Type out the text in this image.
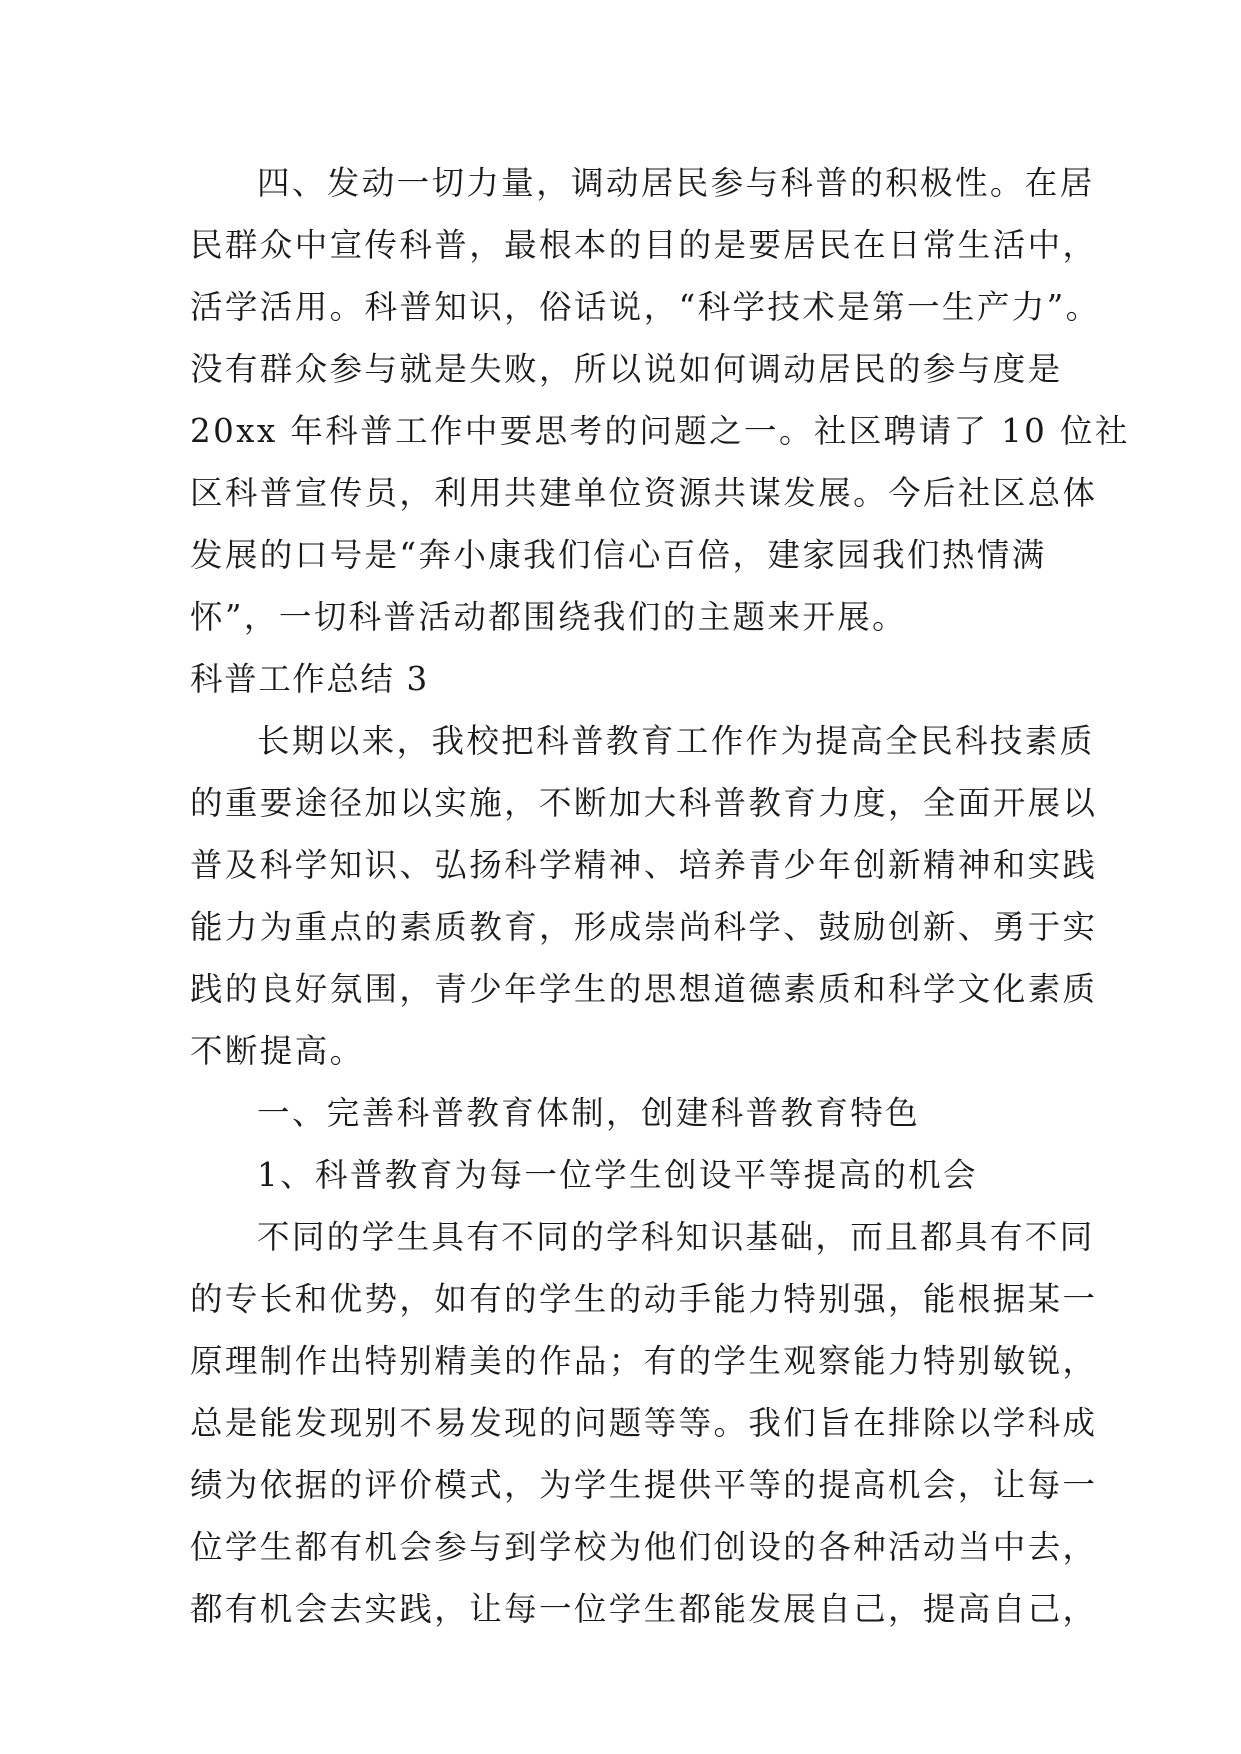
四、发动一切力量，调动居民参与科普的积极性。在居
民群众中宣传科普，最根本的目的是要居民在日常生活中，
活学活用。科普知识，俗话说，“科学技术是第一生产力”。
没有群众参与就是失败，所以说如何调动居民的参与度是
20xx 年科普工作中要思考的问题之一。社区聘请了 10 位社
区科普宣传员，利用共建单位资源共谋发展。今后社区总体
发展的口号是“奔小康我们信心百倍，建家园我们热情满
怀”，一切科普活动都围绕我们的主题来开展。
科普工作总结 3
长期以来，我校把科普教育工作作为提高全民科技素质
的重要途径加以实施，不断加大科普教育力度，全面开展以
普及科学知识、弘扬科学精神、培养青少年创新精神和实践
能力为重点的素质教育，形成崇尚科学、鼓励创新、勇于实
践的良好氛围，青少年学生的思想道德素质和科学文化素质
不断提高。
一、完善科普教育体制，创建科普教育特色
1、科普教育为每一位学生创设平等提高的机会
不同的学生具有不同的学科知识基础，而且都具有不同
的专长和优势，如有的学生的动手能力特别强，能根据某一
原理制作出特别精美的作品；有的学生观察能力特别敏锐，
总是能发现别不易发现的问题等等。我们旨在排除以学科成
绩为依据的评价模式，为学生提供平等的提高机会，让每一
位学生都有机会参与到学校为他们创设的各种活动当中去，
都有机会去实践，让每一位学生都能发展自己，提高自己，
